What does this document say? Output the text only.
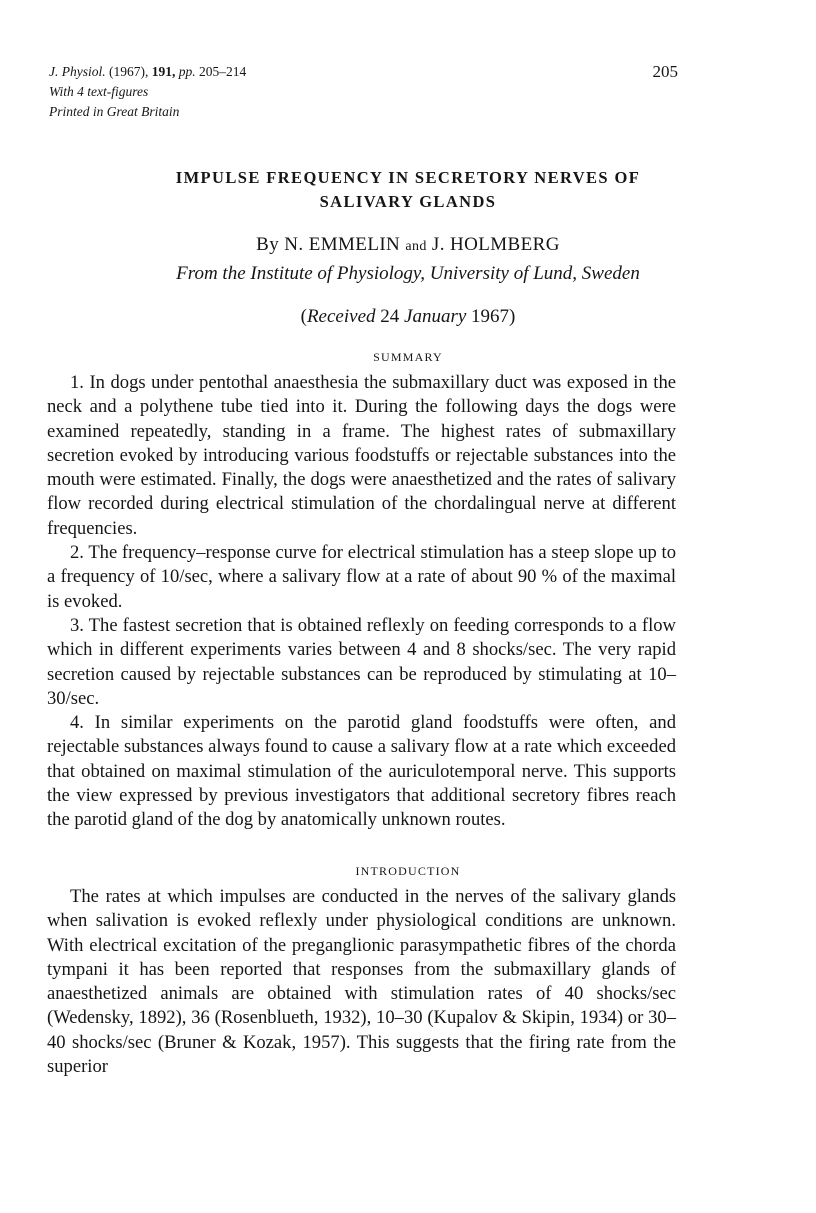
J. Physiol. (1967), 191, pp. 205–214
With 4 text-figures
Printed in Great Britain
205
IMPULSE FREQUENCY IN SECRETORY NERVES OF
SALIVARY GLANDS
By N. EMMELIN and J. HOLMBERG
From the Institute of Physiology, University of Lund, Sweden
(Received 24 January 1967)
SUMMARY

1. In dogs under pentothal anaesthesia the submaxillary duct was exposed in the neck and a polythene tube tied into it. During the following days the dogs were examined repeatedly, standing in a frame. The highest rates of submaxillary secretion evoked by introducing various foodstuffs or rejectable substances into the mouth were estimated. Finally, the dogs were anaesthetized and the rates of salivary flow recorded during electrical stimulation of the chordalingual nerve at different frequencies.

2. The frequency–response curve for electrical stimulation has a steep slope up to a frequency of 10/sec, where a salivary flow at a rate of about 90 % of the maximal is evoked.

3. The fastest secretion that is obtained reflexly on feeding corresponds to a flow which in different experiments varies between 4 and 8 shocks/sec. The very rapid secretion caused by rejectable substances can be reproduced by stimulating at 10–30/sec.

4. In similar experiments on the parotid gland foodstuffs were often, and rejectable substances always found to cause a salivary flow at a rate which exceeded that obtained on maximal stimulation of the auriculotemporal nerve. This supports the view expressed by previous investigators that additional secretory fibres reach the parotid gland of the dog by anatomically unknown routes.

INTRODUCTION

The rates at which impulses are conducted in the nerves of the salivary glands when salivation is evoked reflexly under physiological conditions are unknown. With electrical excitation of the preganglionic parasympathetic fibres of the chorda tympani it has been reported that responses from the submaxillary glands of anaesthetized animals are obtained with stimulation rates of 40 shocks/sec (Wedensky, 1892), 36 (Rosenblueth, 1932), 10–30 (Kupalov & Skipin, 1934) or 30–40 shocks/sec (Bruner & Kozak, 1957). This suggests that the firing rate from the superior
